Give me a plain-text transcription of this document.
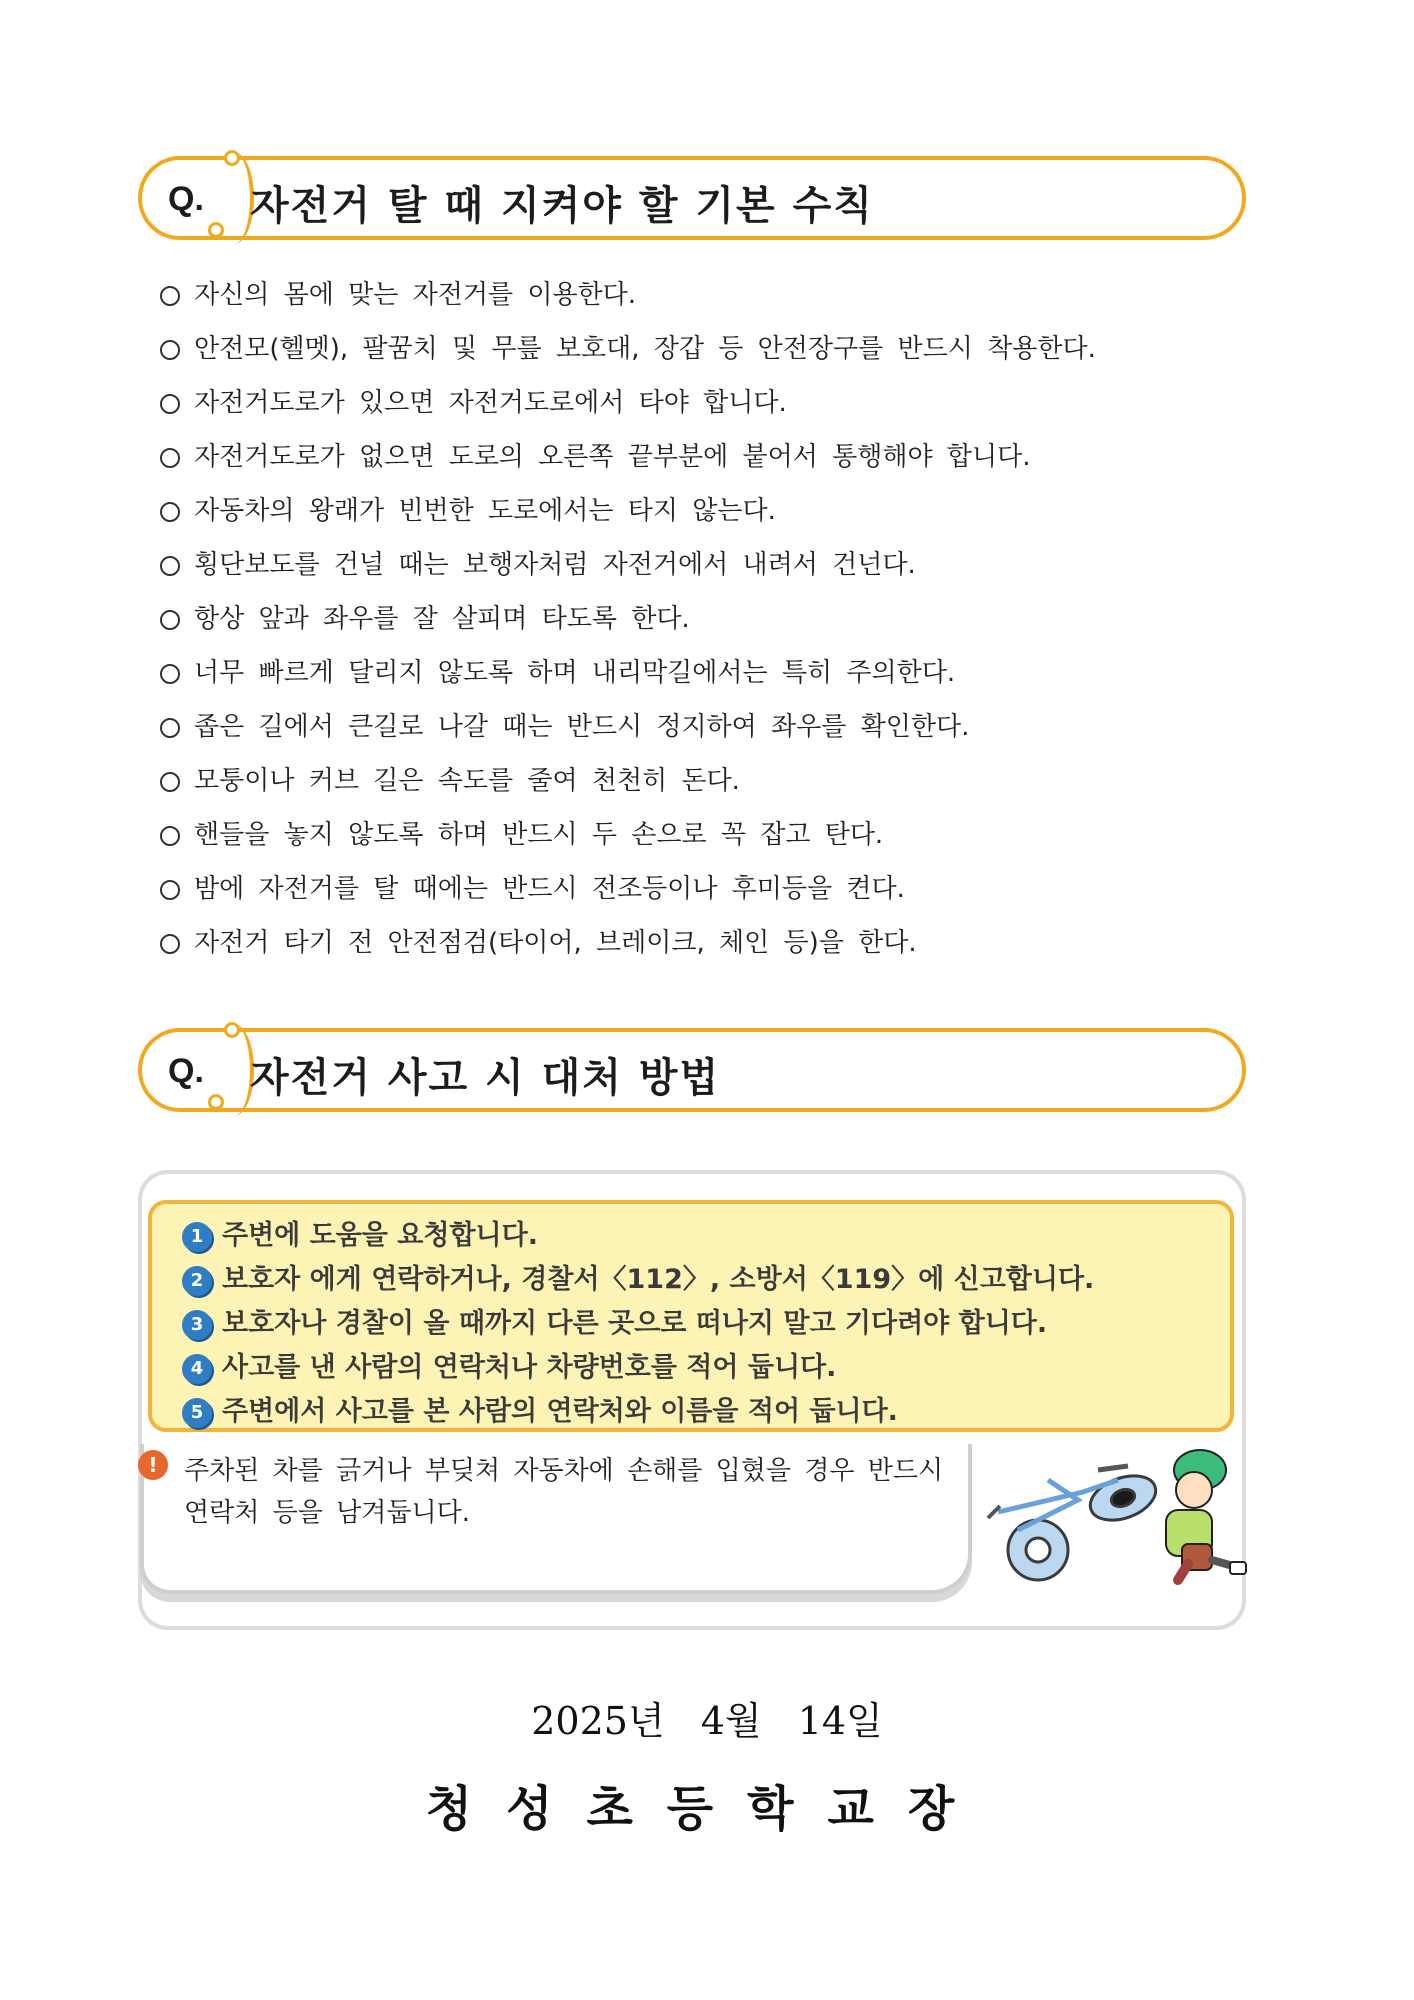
Q. 자전거 탈 때 지켜야 할 기본 수칙
자신의 몸에 맞는 자전거를 이용한다.
안전모(헬멧), 팔꿈치 및 무릎 보호대, 장갑 등 안전장구를 반드시 착용한다.
자전거도로가 있으면 자전거도로에서 타야 합니다.
자전거도로가 없으면 도로의 오른쪽 끝부분에 붙어서 통행해야 합니다.
자동차의 왕래가 빈번한 도로에서는 타지 않는다.
횡단보도를 건널 때는 보행자처럼 자전거에서 내려서 건넌다.
항상 앞과 좌우를 잘 살피며 타도록 한다.
너무 빠르게 달리지 않도록 하며 내리막길에서는 특히 주의한다.
좁은 길에서 큰길로 나갈 때는 반드시 정지하여 좌우를 확인한다.
모퉁이나 커브 길은 속도를 줄여 천천히 돈다.
핸들을 놓지 않도록 하며 반드시 두 손으로 꼭 잡고 탄다.
밤에 자전거를 탈 때에는 반드시 전조등이나 후미등을 켠다.
자전거 타기 전 안전점검(타이어, 브레이크, 체인 등)을 한다.
Q. 자전거 사고 시 대처 방법
1 주변에 도움을 요청합니다.
2 보호자 에게 연락하거나, 경찰서〈112〉, 소방서〈119〉에 신고합니다.
3 보호자나 경찰이 올 때까지 다른 곳으로 떠나지 말고 기다려야 합니다.
4 사고를 낸 사람의 연락처나 차량번호를 적어 둡니다.
5 주변에서 사고를 본 사람의 연락처와 이름을 적어 둡니다.
!	주차된 차를 긁거나 부딪쳐 자동차에 손해를 입혔을 경우 반드시 연락처 등을 남겨둡니다.
2025년 4월 14일
청성초등학교장
